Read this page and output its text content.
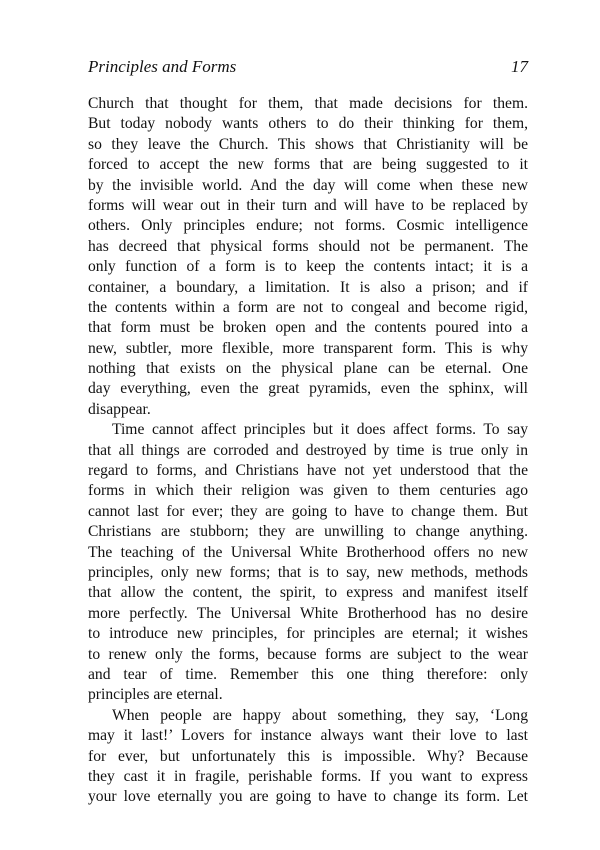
Principles and Forms	17
Church that thought for them, that made decisions for them.
But today nobody wants others to do their thinking for them,
so they leave the Church. This shows that Christianity will be
forced to accept the new forms that are being suggested to it
by the invisible world. And the day will come when these new
forms will wear out in their turn and will have to be replaced by
others. Only principles endure; not forms. Cosmic intelligence
has decreed that physical forms should not be permanent. The
only function of a form is to keep the contents intact; it is a
container, a boundary, a limitation. It is also a prison; and if
the contents within a form are not to congeal and become rigid,
that form must be broken open and the contents poured into a
new, subtler, more flexible, more transparent form. This is why
nothing that exists on the physical plane can be eternal. One
day everything, even the great pyramids, even the sphinx, will
disappear.
Time cannot affect principles but it does affect forms. To say
that all things are corroded and destroyed by time is true only in
regard to forms, and Christians have not yet understood that the
forms in which their religion was given to them centuries ago
cannot last for ever; they are going to have to change them. But
Christians are stubborn; they are unwilling to change anything.
The teaching of the Universal White Brotherhood offers no new
principles, only new forms; that is to say, new methods, methods
that allow the content, the spirit, to express and manifest itself
more perfectly. The Universal White Brotherhood has no desire
to introduce new principles, for principles are eternal; it wishes
to renew only the forms, because forms are subject to the wear
and tear of time. Remember this one thing therefore: only
principles are eternal.
When people are happy about something, they say, ‘Long
may it last!’ Lovers for instance always want their love to last
for ever, but unfortunately this is impossible. Why? Because
they cast it in fragile, perishable forms. If you want to express
your love eternally you are going to have to change its form. Let
